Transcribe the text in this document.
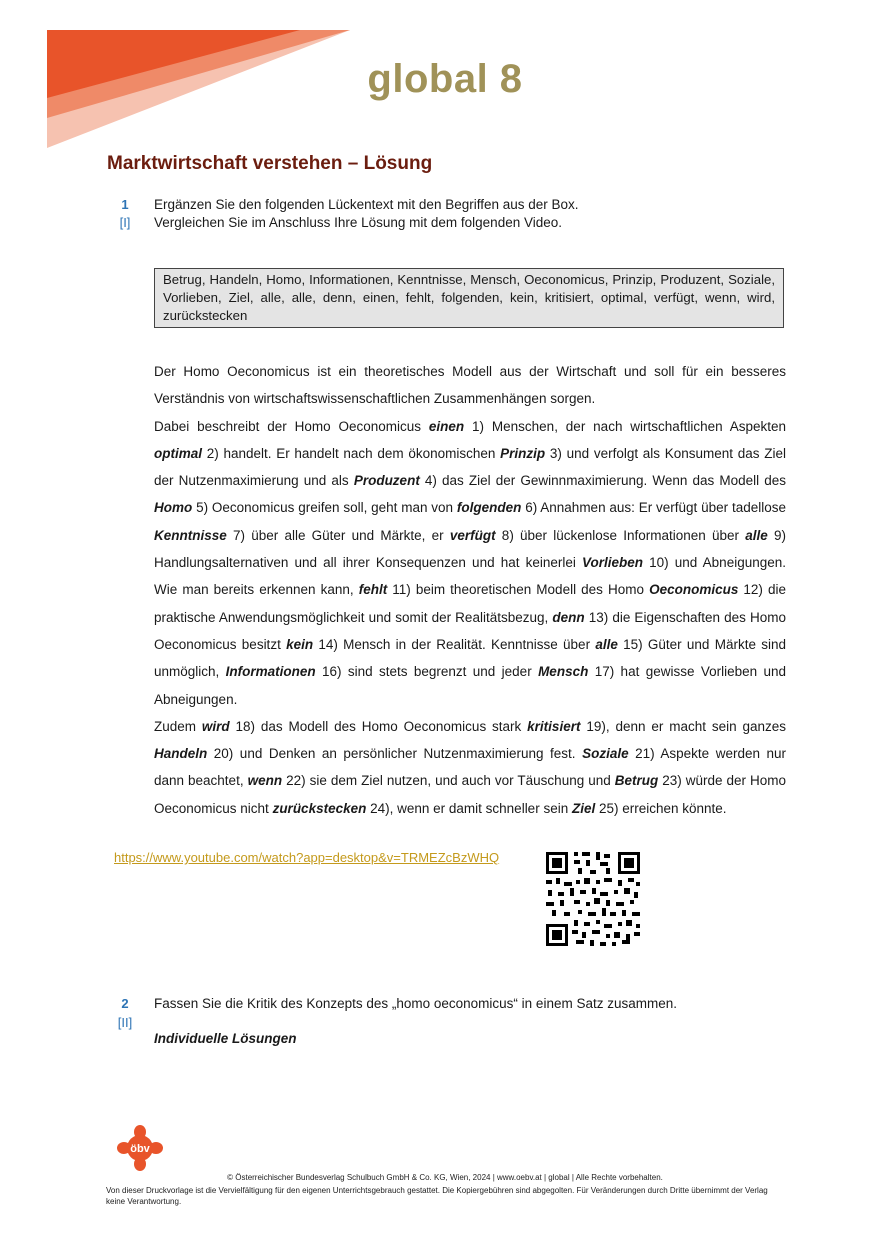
global 8
Marktwirtschaft verstehen – Lösung
1
[I]
Ergänzen Sie den folgenden Lückentext mit den Begriffen aus der Box.
Vergleichen Sie im Anschluss Ihre Lösung mit dem folgenden Video.
Betrug, Handeln, Homo, Informationen, Kenntnisse, Mensch, Oeconomicus, Prinzip, Produzent, Soziale, Vorlieben, Ziel, alle, alle, denn, einen, fehlt, folgenden, kein, kritisiert, optimal, verfügt, wenn, wird, zurückstecken

Der Homo Oeconomicus ist ein theoretisches Modell aus der Wirtschaft und soll für ein besseres Verständnis von wirtschaftswissenschaftlichen Zusammenhängen sorgen.

Dabei beschreibt der Homo Oeconomicus einen 1) Menschen, der nach wirtschaftlichen Aspekten optimal 2) handelt. Er handelt nach dem ökonomischen Prinzip 3) und verfolgt als Konsument das Ziel der Nutzenmaximierung und als Produzent 4) das Ziel der Gewinnmaximierung. Wenn das Modell des Homo 5) Oeconomicus greifen soll, geht man von folgenden 6) Annahmen aus: Er verfügt über tadellose Kenntnisse 7) über alle Güter und Märkte, er verfügt 8) über lückenlose Informationen über alle 9) Handlungsalternativen und all ihrer Konsequenzen und hat keinerlei Vorlieben 10) und Abneigungen. Wie man bereits erkennen kann, fehlt 11) beim theoretischen Modell des Homo Oeconomicus 12) die praktische Anwendungsmöglichkeit und somit der Realitätsbezug, denn 13) die Eigenschaften des Homo Oeconomicus besitzt kein 14) Mensch in der Realität. Kenntnisse über alle 15) Güter und Märkte sind unmöglich, Informationen 16) sind stets begrenzt und jeder Mensch 17) hat gewisse Vorlieben und Abneigungen.

Zudem wird 18) das Modell des Homo Oeconomicus stark kritisiert 19), denn er macht sein ganzes Handeln 20) und Denken an persönlicher Nutzenmaximierung fest. Soziale 21) Aspekte werden nur dann beachtet, wenn 22) sie dem Ziel nutzen, und auch vor Täuschung und Betrug 23) würde der Homo Oeconomicus nicht zurückstecken 24), wenn er damit schneller sein Ziel 25) erreichen könnte.

https://www.youtube.com/watch?app=desktop&v=TRMEZcBzWHQ
2
[II]
Fassen Sie die Kritik des Konzepts des „homo oeconomicus“ in einem Satz zusammen.
Individuelle Lösungen
öbv
© Österreichischer Bundesverlag Schulbuch GmbH & Co. KG, Wien, 2024 | www.oebv.at | global | Alle Rechte vorbehalten.
Von dieser Druckvorlage ist die Vervielfältigung für den eigenen Unterrichtsgebrauch gestattet. Die Kopiergebühren sind abgegolten. Für Veränderungen durch Dritte übernimmt der Verlag keine Verantwortung.
